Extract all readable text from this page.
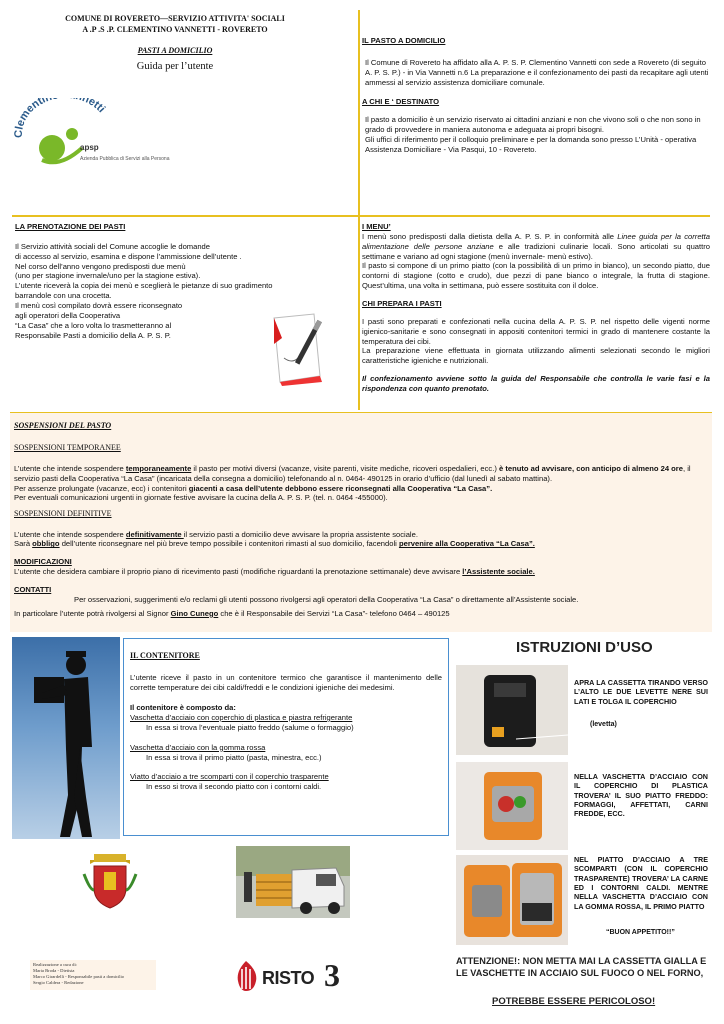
COMUNE DI ROVERETO—SERVIZIO ATTIVITA' SOCIALI
A .P .S .P. CLEMENTINO VANNETTI - ROVERETO
PASTI A DOMICILIO
Guida per l’utente
lementi netti
apsp
Azienda Pubblica di Servizi alla Persona
IL PASTO A DOMICILIO

Il Comune di Rovereto ha affidato alla A. P. S. P. Clementino Vannetti con sede a Rovereto (di seguito A. P. S. P.) - in Via Vannetti n.6 La preparazione e il confezionamento dei pasti da recapitare agli utenti ammessi al servizio assistenza domiciliare comunale.

A CHI E ‘ DESTINATO

Il pasto a domicilio è un servizio riservato ai cittadini anziani e non che vivono soli o che non sono in grado di provvedere in maniera autonoma e adeguata ai propri bisogni.

Gli uffici di riferimento per il colloquio preliminare e per la domanda sono presso L’Unità - operativa Assistenza Domiciliare - Via Pasqui, 10 - Rovereto.

LA PRENOTAZIONE DEI PASTI

Il Servizio attività sociali del Comune accoglie le domande

di accesso al servizio, esamina e dispone l’ammissione dell’utente .

Nel corso dell’anno vengono predisposti due menù

(uno per stagione invernale/uno per la stagione estiva).

L’utente riceverà la copia dei menù e sceglierà le pietanze di suo gradimento

barrandole con una crocetta.

Il menù così compilato dovrà essere riconsegnato

agli operatori della Cooperativa

“La Casa” che a loro volta lo trasmetteranno al

Responsabile Pasti a domicilio della A. P. S. P.

I MENU’

I menù sono predisposti dalla dietista della A. P. S. P. in conformità alle Linee guida per la corretta alimentazione delle persone anziane e alle tradizioni culinarie locali. Sono articolati su quattro settimane e variano ad ogni stagione (menù invernale- menù estivo).

Il pasto si compone di un primo piatto (con la possibilità di un primo in bianco), un secondo piatto, due contorni di stagione (cotto e crudo), due pezzi di pane bianco o integrale, la frutta di stagione. Quest’ultima, una volta in settimana, può essere sostituita con il dolce.

CHI PREPARA I PASTI

I pasti sono preparati e confezionati nella cucina della A. P. S. P. nel rispetto delle vigenti norme igienico-sanitarie e sono consegnati in appositi contenitori termici in grado di mantenere costante la temperatura dei cibi.

La preparazione viene effettuata in giornata utilizzando alimenti selezionati secondo le migliori caratteristiche igieniche e nutrizionali.

Il confezionamento avviene sotto la guida del Responsabile che controlla le varie fasi e la rispondenza con quanto prenotato.

SOSPENSIONI DEL PASTO
SOSPENSIONI TEMPORANEE

L’utente che intende sospendere temporaneamente il pasto per motivi diversi (vacanze, visite parenti, visite mediche, ricoveri ospedalieri, ecc.) è tenuto ad avvisare, con anticipo di almeno 24 ore, il servizio pasti della Cooperativa “La Casa” (incaricata della consegna a domicilio) telefonando al n. 0464- 490125 in orario d’ufficio (dal lunedì al sabato mattina).

Per assenze prolungate (vacanze, ecc) i contenitori giacenti a casa dell’utente debbono essere riconsegnati alla Cooperativa “La Casa”.

Per eventuali comunicazioni urgenti in giornate festive avvisare la cucina della A. P. S. P. (tel. n. 0464 -455000).

SOSPENSIONI DEFINITIVE

L’utente che intende sospendere definitivamente il servizio pasti a domicilio deve avvisare la propria assistente sociale.

Sarà obbligo dell’utente riconsegnare nel più breve tempo possibile i contenitori rimasti al suo domicilio, facendoli pervenire alla Cooperativa “La Casa”.

MODIFICAZIONI

L’utente che desidera cambiare il proprio piano di ricevimento pasti (modifiche riguardanti la prenotazione settimanale) deve avvisare l’Assistente sociale.

CONTATTI

Per osservazioni, suggerimenti e/o reclami gli utenti possono rivolgersi agli operatori della Cooperativa “La Casa” o direttamente all’Assistente sociale.

In particolare l’utente potrà rivolgersi al Signor Gino Cunego che è il Responsabile dei Servizi “La Casa”- telefono 0464 – 490125

IL CONTENITORE

L’utente riceve il pasto in un contenitore termico che garantisce il mantenimento delle corrette temperature dei cibi caldi/freddi e le condizioni igieniche dei medesimi.

Il contenitore è composto da:

Vaschetta d’acciaio con coperchio di plastica e piastra refrigerante

In essa si trova l’eventuale piatto freddo (salume o formaggio)

Vaschetta d’acciaio con la gomma rossa

In essa si trova il primo piatto (pasta, minestra, ecc.)

Viatto d’acciaio a tre scomparti con il coperchio trasparente

In esso si trova il secondo piatto con i contorni caldi.

Realizzazione a cura di:
Maria Broda - Dietista
Marco Girardelli - Responsabile pasti a domicilio
Sergio Caldera - Redazione	RISTO 3
ISTRUZIONI D’USO
APRA LA CASSETTA TIRANDO VERSO L’ALTO LE DUE LEVETTE NERE SUI LATI E TOLGA IL COPERCHIO
(levetta)
NELLA VASCHETTA D’ACCIAIO CON IL COPERCHIO DI PLASTICA TROVERA’ IL SUO PIATTO FREDDO: FORMAGGI, AFFETTATI, CARNI FREDDE, ECC.
NEL PIATTO D’ACCIAIO A TRE SCOMPARTI (CON IL COPERCHIO TRASPARENTE) TROVERA’ LA CARNE ED I CONTORNI CALDI. MENTRE NELLA VASCHETTA D’ACCIAIO CON LA GOMMA ROSSA, IL PRIMO PIATTO
“BUON APPETITO!!”
ATTENZIONE!: NON METTA MAI LA CASSETTA GIALLA E LE VASCHETTE IN ACCIAIO SUL FUOCO O NEL FORNO,
POTREBBE ESSERE PERICOLOSO!
